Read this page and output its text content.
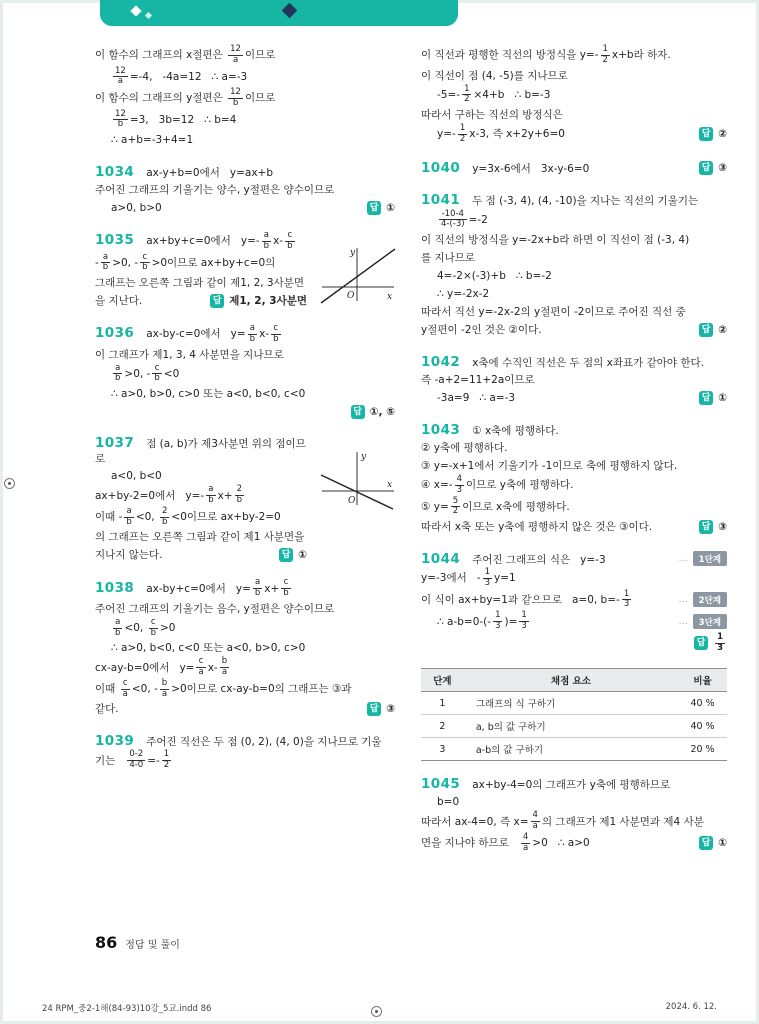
이 함수의 그래프의 x절편은 $\frac{12}{a}$ 이므로
$\frac{12}{a} =-4$,   -4a=12   ∴ a=-3
이 함수의 그래프의 y절편은 $\frac{12}{b}$ 이므로
$\frac{12}{b} =3$,   3b=12   ∴ b=4
∴ a+b=-3+4=1
1034 ax-y+b=0에서   y=ax+b
주어진 그래프의 기울기는 양수, y절편은 양수이므로
a>0, b>0	답 ①
y
O	x
1035 ax+by+c=0에서   $y=- \frac{a}{b} x- \frac{c}{b}$
- $\frac{a}{b} >0$, - $\frac{c}{b} >0$이므로 ax+by+c=0의
그래프는 오른쪽 그림과 같이 제1, 2, 3사분면
을 지난다.	답 제1, 2, 3사분면
1036 ax-by-c=0에서   $y= \frac{a}{b} x- \frac{c}{b}$
이 그래프가 제1, 3, 4 사분면을 지나므로
$\frac{a}{b} >0$, - $\frac{c}{b} <0$
∴ a>0, b>0, c>0 또는 a<0, b<0, c<0
답 ①, ⑤
y
O
x
1037 점 (a, b)가 제3사분면 위의 점이므로
a<0, b<0
ax+by-2=0에서   $y=- \frac{a}{b} x+ \frac{2}{b}$
이때 - $\frac{a}{b} <0$, $\frac{2}{b} <0$이므로 ax+by-2=0
의 그래프는 오른쪽 그림과 같이 제1 사분면을
지나지 않는다.	답 ①
1038 ax-by+c=0에서   $y= \frac{a}{b} x+ \frac{c}{b}$
주어진 그래프의 기울기는 음수, y절편은 양수이므로
$\frac{a}{b} <0$, $\frac{c}{b} >0$
∴ a>0, b<0, c<0 또는 a<0, b>0, c>0
cx-ay-b=0에서   $y= \frac{c}{a} x- \frac{b}{a}$
이때 $\frac{c}{a} <0$, - $\frac{b}{a} >0$이므로 cx-ay-b=0의 그래프는 ③과
같다.	답 ③
1039 주어진 직선은 두 점 (0, 2), (4, 0)을 지나므로 기울
기는 $\frac{0-2}{4-0} =- \frac{1}{2}$
이 직선과 평행한 직선의 방정식을 $y=- \frac{1}{2} x+b$라 하자.
이 직선이 점 (4, -5)를 지나므로
$-5=- \frac{1}{2} \times 4+b$   ∴ b=-3
따라서 구하는 직선의 방정식은
$y=- \frac{1}{2} x-3$, 즉 x+2y+6=0	답 ②
1040 y=3x-6에서   3x-y-6=0	답 ③
1041 두 점 (-3, 4), (4, -10)을 지나는 직선의 기울기는
$\frac{-10-4}{4-(-3)} =-2$
이 직선의 방정식을 y=-2x+b라 하면 이 직선이 점 (-3, 4)
를 지나므로
4=-2×(-3)+b   ∴ b=-2
∴ y=-2x-2
따라서 직선 y=-2x-2의 y절편이 -2이므로 주어진 직선 중
y절편이 -2인 것은 ②이다.	답 ②
1042 x축에 수직인 직선은 두 점의 x좌표가 같아야 한다.
즉 -a+2=11+2a이므로
-3a=9   ∴ a=-3	답 ①
1043 ① x축에 평행하다.
② y축에 평행하다.
③ y=-x+1에서 기울기가 -1이므로 축에 평행하지 않다.
④ $x=- \frac{4}{3}$ 이므로 y축에 평행하다.
⑤ $y= \frac{5}{2}$ 이므로 x축에 평행하다.
따라서 x축 또는 y축에 평행하지 않은 것은 ③이다.	답 ③
1044 주어진 그래프의 식은   y=-3	…	1단계
y=-3에서   - $\frac{1}{3} y=1$
이 식이 ax+by=1과 같으므로   a=0, $b=- \frac{1}{3}$	…	2단계
∴ $a-b=0-(- \frac{1}{3}$ )= $\frac{1}{3}$	…	3단계
답	$\frac{1}{3}$
단계	채점 요소	비율
1	그래프의 식 구하기	40 %
2	a, b의 값 구하기	40 %
3	a-b의 값 구하기	20 %
1045 ax+by-4=0의 그래프가 y축에 평행하므로
b=0
따라서 ax-4=0, 즉 $x= \frac{4}{a}$ 의 그래프가 제1 사분면과 제4 사분
면을 지나야 하므로 $\frac{4}{a} >0$   ∴ a>0	답 ①
86 정답 및 풀이
24 RPM_중2-1해(84-93)10강_5교.indd 86	2024. 6. 12.
